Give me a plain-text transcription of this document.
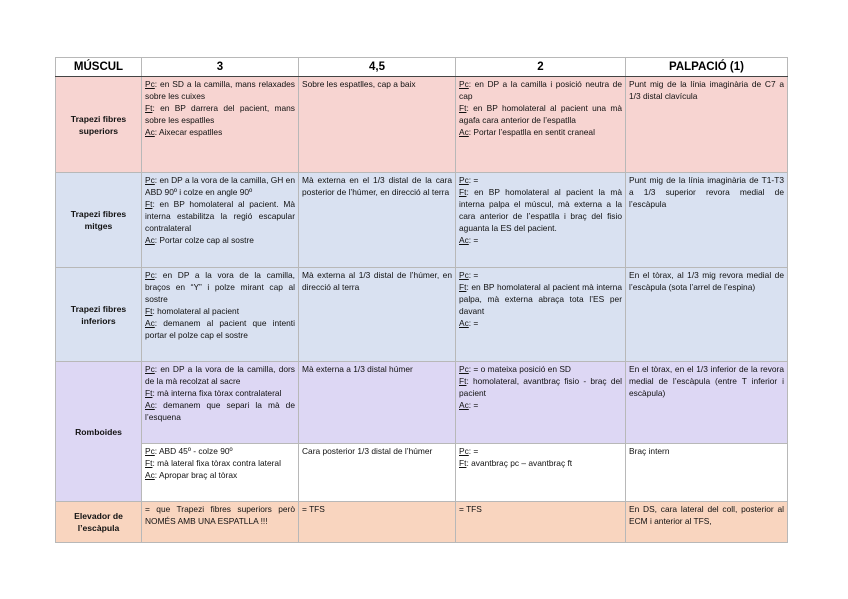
MÚSCUL	3	4,5	2	PALPACIÓ (1)
Trapezi fibres superiors	Pc: en SD a la camilla, mans relaxades sobre les cuixes
Ft: en BP darrera del pacient, mans sobre les espatlles
Ac: Aixecar espatlles	Sobre les espatlles, cap a baix	Pc: en DP a la camilla i posició neutra de cap
Ft: en BP homolateral al pacient una mà agafa cara anterior de l’espatlla
Ac: Portar l’espatlla en sentit craneal	Punt mig de la línia imaginària de C7 a 1/3 distal clavícula
Trapezi fibres mitges	Pc: en DP a la vora de la camilla, GH en ABD 90º i colze en angle 90º
Ft: en BP homolateral al pacient. Mà interna estabilitza la regió escapular contralateral
Ac: Portar colze cap al sostre	Mà externa en el 1/3 distal de la cara posterior de l’húmer, en direcció al terra	Pc: =
Ft: en BP homolateral al pacient la mà interna palpa el múscul, mà externa a la cara anterior de l’espatlla i braç del fisio aguanta la ES del pacient.
Ac: =	Punt mig de la línia imaginària de T1-T3 a 1/3 superior revora medial de l’escàpula
Trapezi fibres inferiors	Pc: en DP a la vora de la camilla, braços en “Y” i polze mirant cap al sostre
Ft: homolateral al pacient
Ac: demanem al pacient que intenti portar el polze cap el sostre	Mà externa al 1/3 distal de l’húmer, en direcció al terra	Pc: =
Ft: en BP homolateral al pacient mà interna palpa, mà externa abraça tota l’ES per davant
Ac: =	En el tòrax, al 1/3 mig revora medial de l’escàpula (sota l’arrel de l’espina)
Romboides	Pc: en DP a la vora de la camilla, dors de la mà recolzat al sacre
Ft: mà interna fixa tòrax contralateral
Ac: demanem que separi la mà de l’esquena	Mà externa a 1/3 distal húmer	Pc: = o mateixa posició en SD
Ft: homolateral, avantbraç fisio - braç del pacient
Ac: =	En el tòrax, en el 1/3 inferior de la revora medial de l’escàpula (entre T inferior i escàpula)

	Pc: ABD 45º - colze 90º
Ft: mà lateral fixa tòrax contra lateral
Ac: Apropar braç al tòrax	Cara posterior 1/3 distal de l’húmer	Pc: =
Ft: avantbraç pc – avantbraç ft	Braç intern
Elevador de l’escàpula	= que Trapezi fibres superiors però NOMÉS AMB UNA ESPATLLA !!!	= TFS	= TFS	En DS, cara lateral del coll, posterior al ECM i anterior al TFS,
